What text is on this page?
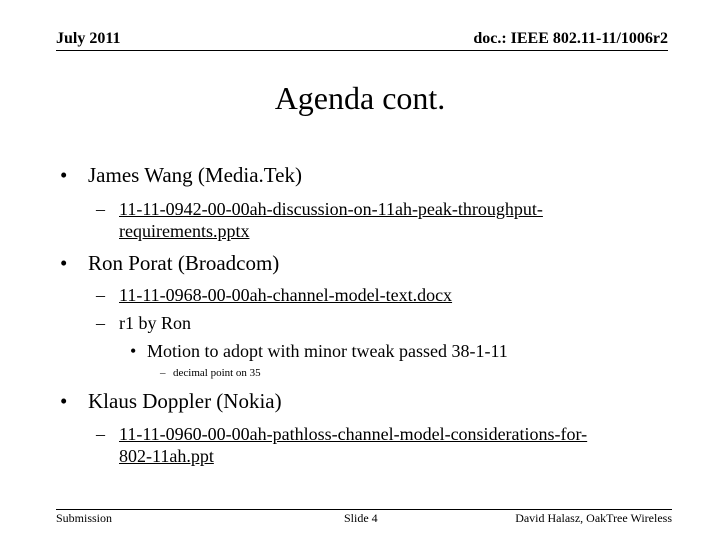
July 2011	doc.: IEEE 802.11-11/1006r2
Agenda cont.
• James Wang (Media.Tek)
– 11-11-0942-00-00ah-discussion-on-11ah-peak-throughput-
requirements.pptx
• Ron Porat (Broadcom)
– 11-11-0968-00-00ah-channel-model-text.docx
– r1 by Ron
• Motion to adopt with minor tweak passed 38-1-11
– decimal point on 35
• Klaus Doppler (Nokia)
– 11-11-0960-00-00ah-pathloss-channel-model-considerations-for-
802-11ah.ppt
Submission	Slide 4	David Halasz, OakTree Wireless
